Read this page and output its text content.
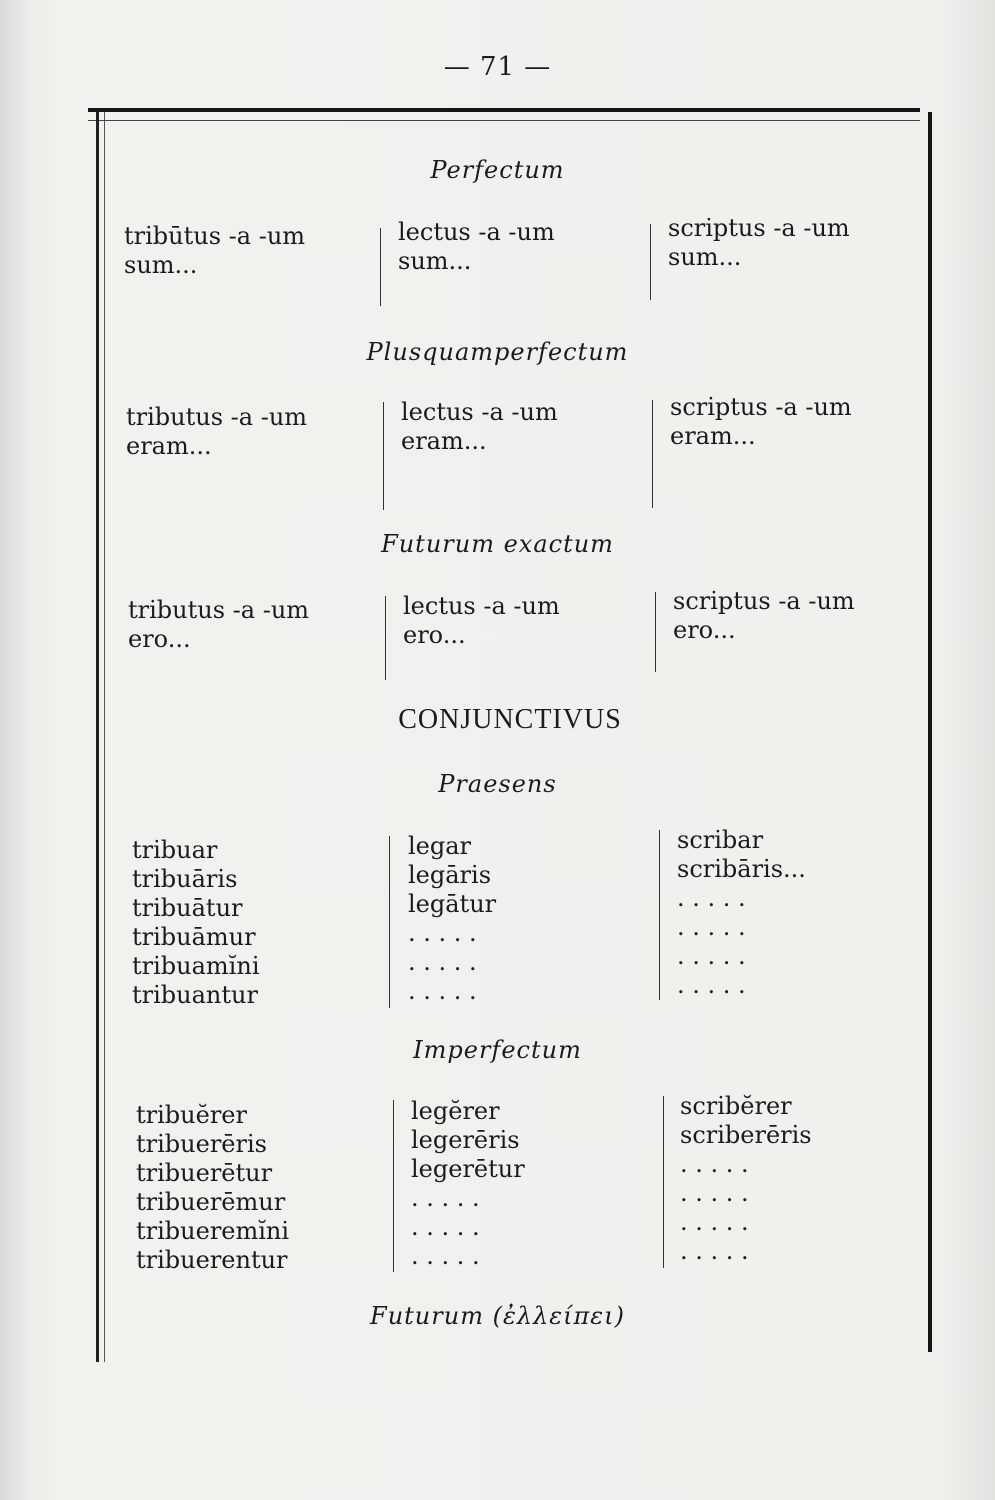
— 71 —
Perfectum
tribūtus -a -um
sum...
lectus -a -um
sum...
scriptus -a -um
sum...
Plusquamperfectum
tributus -a -um
eram...
lectus -a -um
eram...
scriptus -a -um
eram...
Futurum exactum
tributus -a -um
ero...
lectus -a -um
ero...
scriptus -a -um
ero...
CONJUNCTIVUS
Praesens
tribuar
tribuāris
tribuātur
tribuāmur
tribuamĭni
tribuantur
legar
legāris
legātur
. . . . .
. . . . .
. . . . .
scribar
scribāris...
. . . . .
. . . . .
. . . . .
. . . . .
Imperfectum
tribuĕrer
tribuerēris
tribuerētur
tribuerēmur
tribueremĭni
tribuerentur
legĕrer
legerēris
legerētur
. . . . .
. . . . .
. . . . .
scribĕrer
scriberēris
. . . . .
. . . . .
. . . . .
. . . . .
Futurum (ἐλλείπει)
